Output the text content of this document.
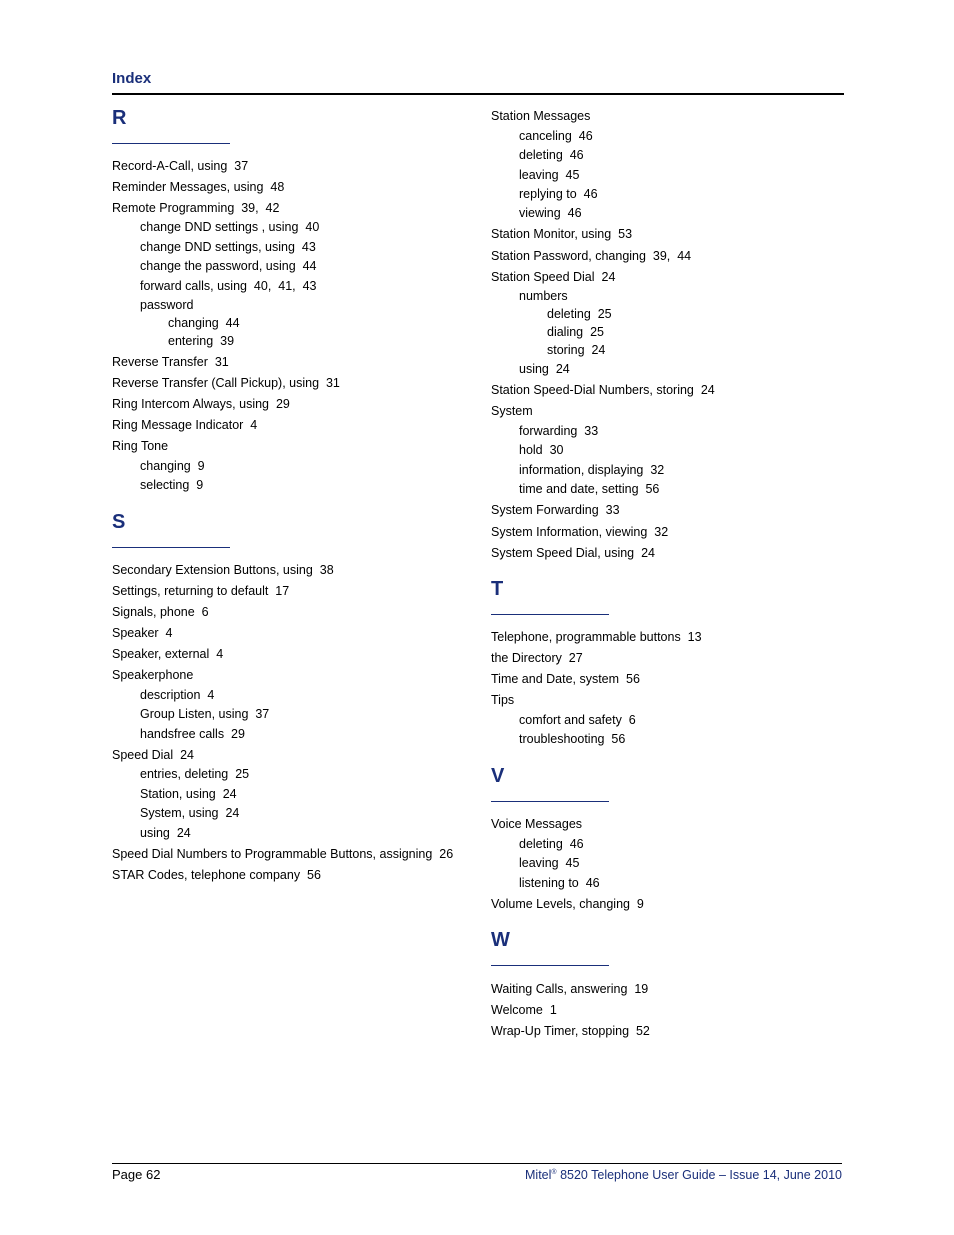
Index
R
Record-A-Call, using  37
Reminder Messages, using  48
Remote Programming  39,  42
change DND settings , using  40
change DND settings, using  43
change the password, using  44
forward calls, using  40,  41,  43
password
changing  44
entering  39
Reverse Transfer  31
Reverse Transfer (Call Pickup), using  31
Ring Intercom Always, using  29
Ring Message Indicator  4
Ring Tone
changing  9
selecting  9
S
Secondary Extension Buttons, using  38
Settings, returning to default  17
Signals, phone  6
Speaker  4
Speaker, external  4
Speakerphone
description  4
Group Listen, using  37
handsfree calls  29
Speed Dial  24
entries, deleting  25
Station, using  24
System, using  24
using  24
Speed Dial Numbers to Programmable Buttons, assigning  26
STAR Codes, telephone company  56
Station Messages
canceling  46
deleting  46
leaving  45
replying to  46
viewing  46
Station Monitor, using  53
Station Password, changing  39,  44
Station Speed Dial  24
numbers
deleting  25
dialing  25
storing  24
using  24
Station Speed-Dial Numbers, storing  24
System
forwarding  33
hold  30
information, displaying  32
time and date, setting  56
System Forwarding  33
System Information, viewing  32
System Speed Dial, using  24
T
Telephone, programmable buttons  13
the Directory  27
Time and Date, system  56
Tips
comfort and safety  6
troubleshooting  56
V
Voice Messages
deleting  46
leaving  45
listening to  46
Volume Levels, changing  9
W
Waiting Calls, answering  19
Welcome  1
Wrap-Up Timer, stopping  52
Page 62	Mitel® 8520 Telephone User Guide – Issue 14, June 2010
